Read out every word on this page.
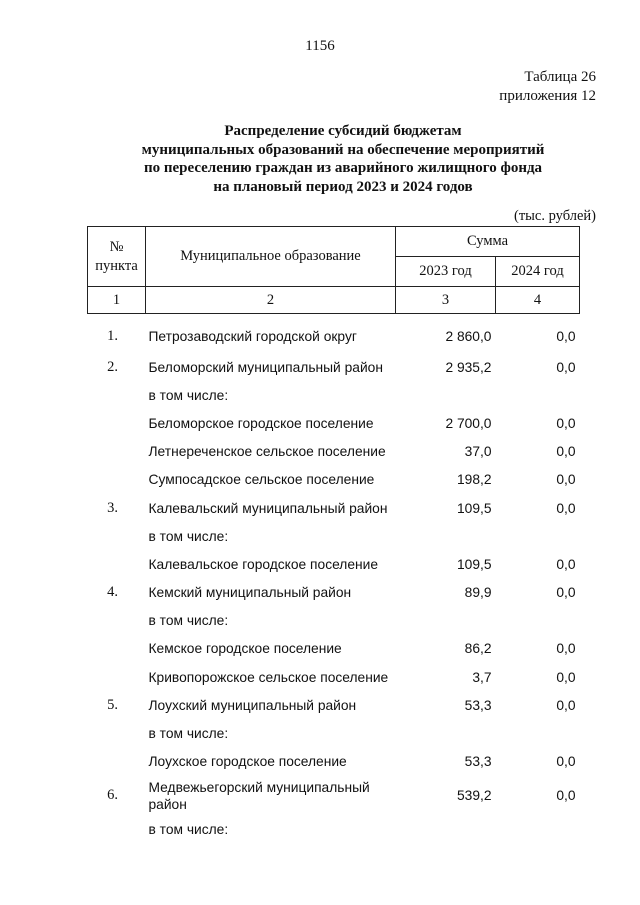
1156
Таблица 26
приложения 12
Распределение субсидий бюджетам
муниципальных образований на обеспечение мероприятий
по переселению граждан из аварийного жилищного фонда
на плановый период 2023 и 2024 годов
(тыс. рублей)
№
пункта	Муниципальное образование	Сумма	
		2023 год	2024 год
1	2	3	4
1.	Петрозаводский городской округ	2 860,0	0,0
2.	Беломорский муниципальный район	2 935,2	0,0
	в том числе:		
	Беломорское городское поселение	2 700,0	0,0
	Летнереченское сельское поселение	37,0	0,0
	Сумпосадское сельское поселение	198,2	0,0
3.	Калевальский муниципальный район	109,5	0,0
	в том числе:		
	Калевальское городское поселение	109,5	0,0
4.	Кемский муниципальный район	89,9	0,0
	в том числе:		
	Кемское городское поселение	86,2	0,0
	Кривопорожское сельское поселение	3,7	0,0
5.	Лоухский муниципальный район	53,3	0,0
	в том числе:		
	Лоухское городское поселение	53,3	0,0
6.	Медвежьегорский муниципальный район	539,2	0,0
	в том числе:		
